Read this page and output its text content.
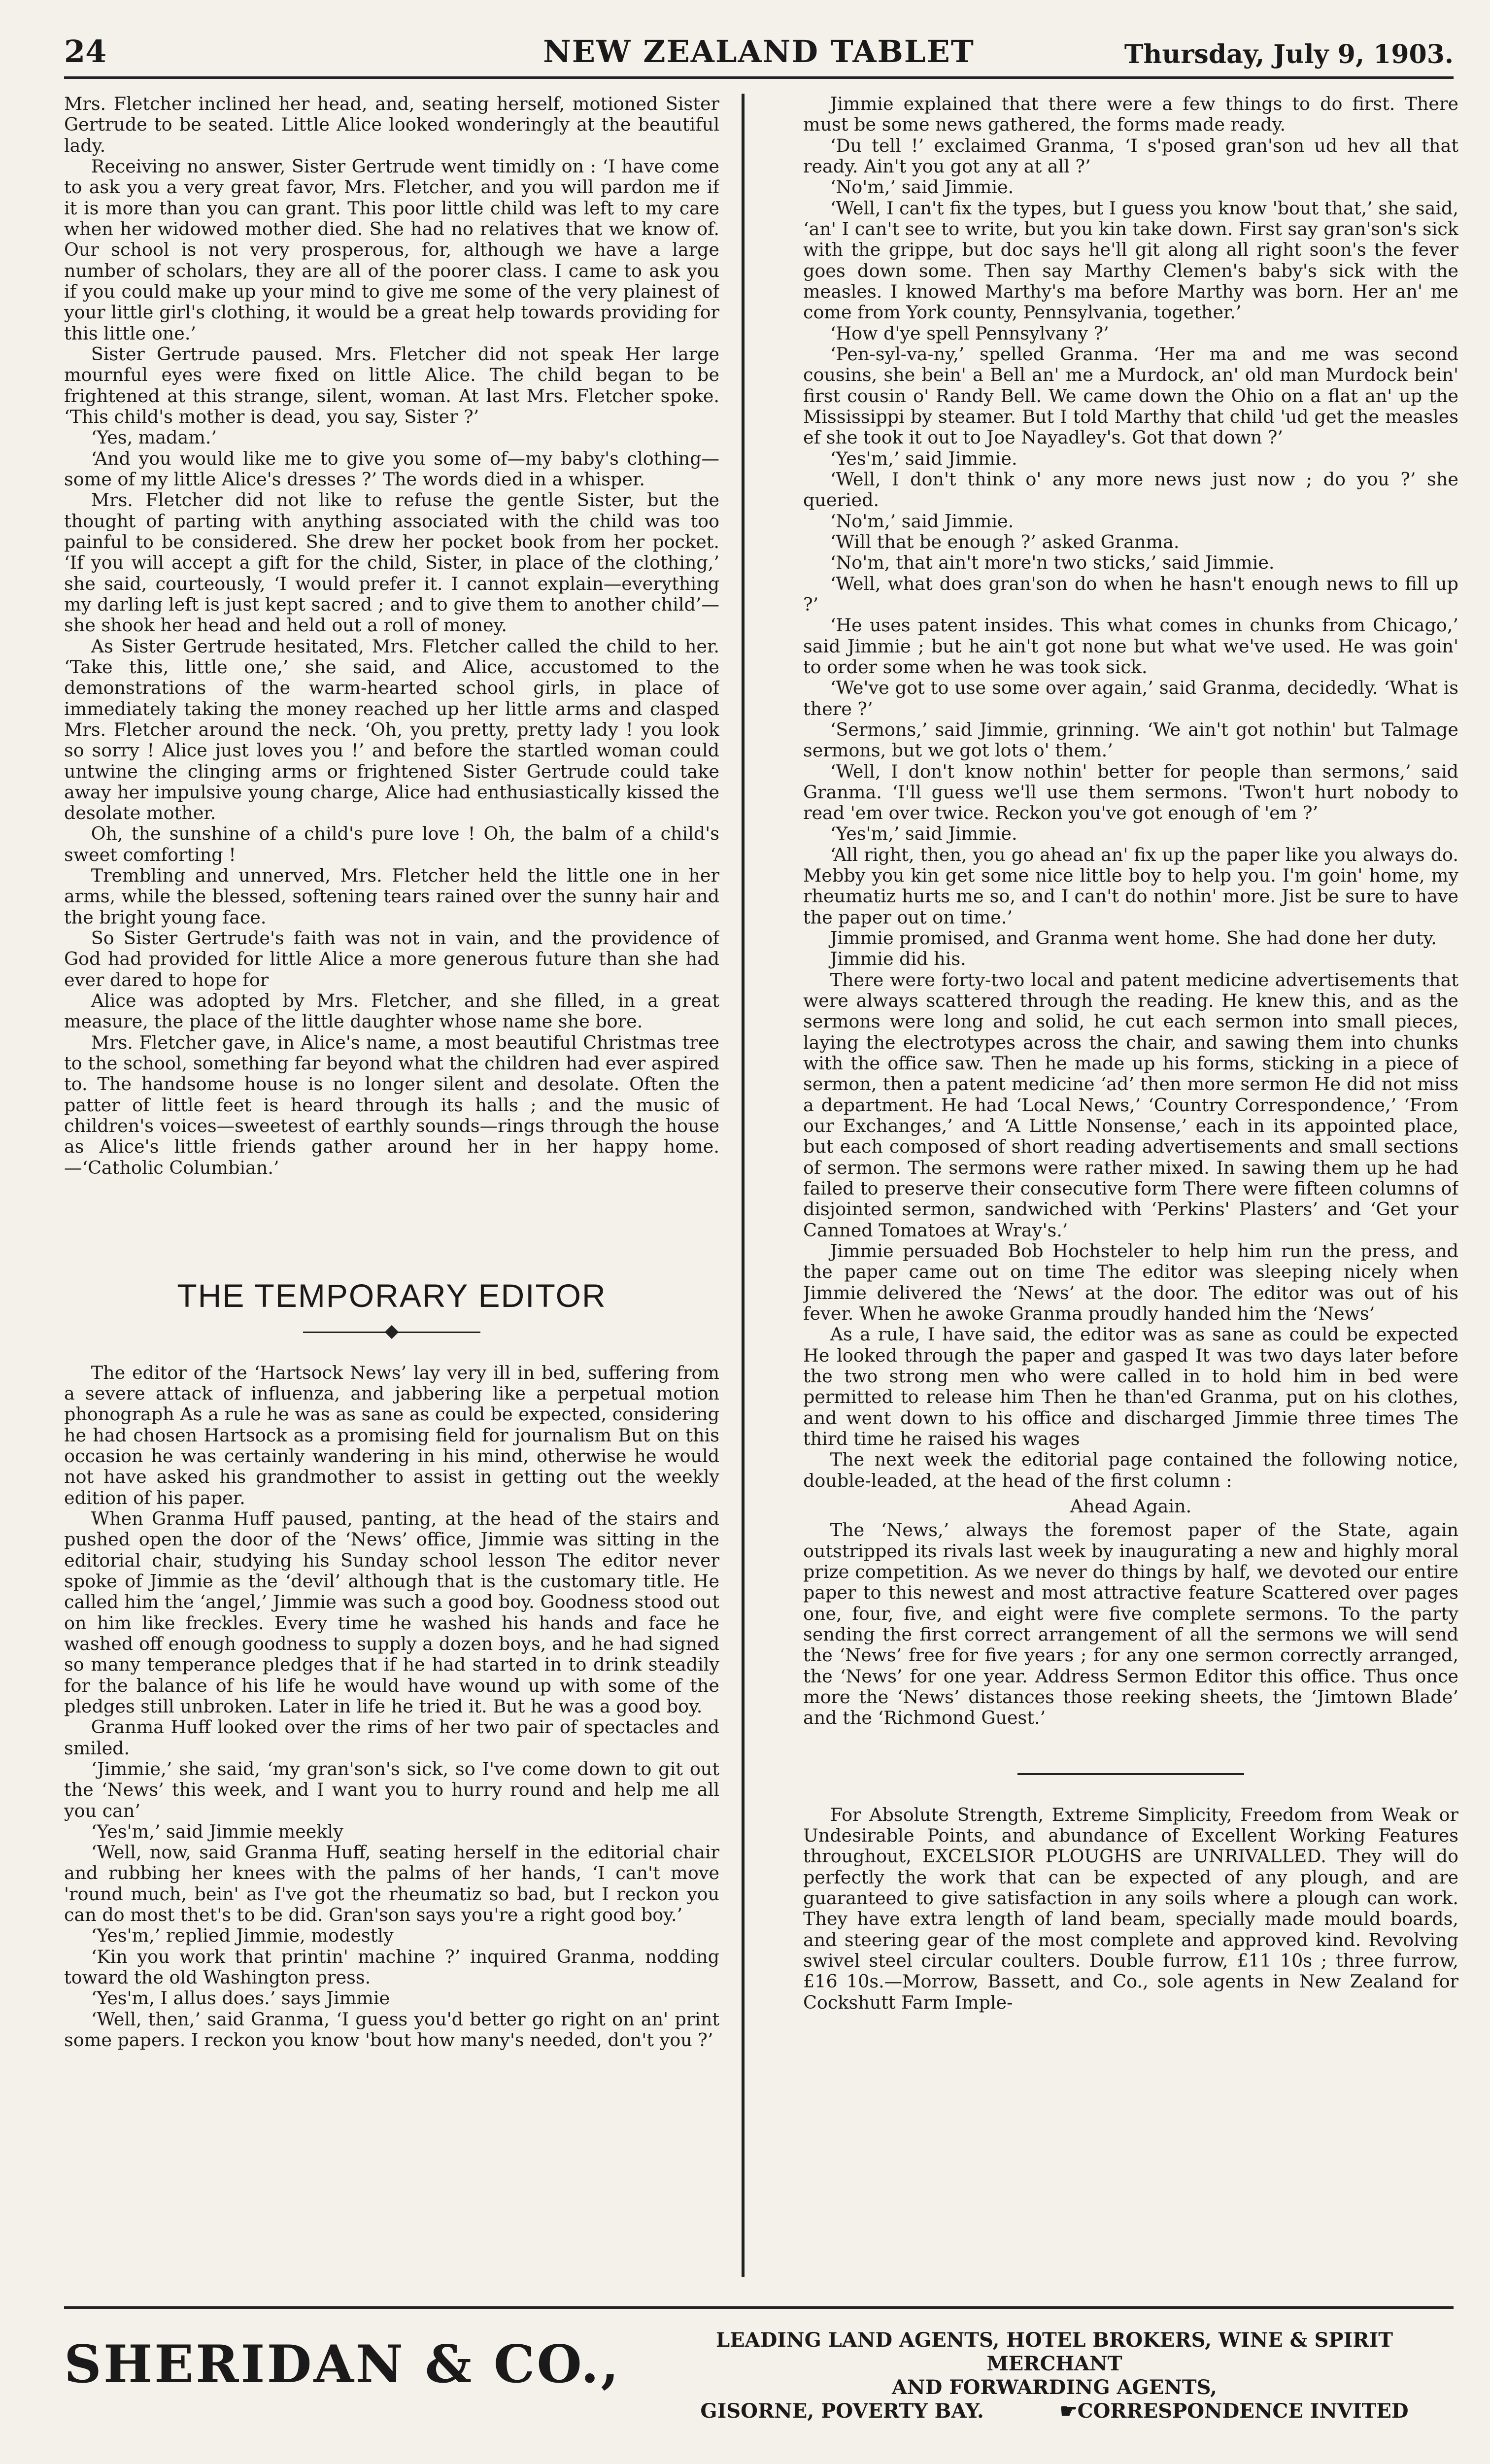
24	NEW ZEALAND TABLET	Thursday, July 9, 1903.

Mrs. Fletcher inclined her head, and, seating herself, motioned Sister Gertrude to be seated. Little Alice looked wonderingly at the beautiful lady.

Receiving no answer, Sister Gertrude went timidly on : ‘I have come to ask you a very great favor, Mrs. Fletcher, and you will pardon me if it is more than you can grant. This poor little child was left to my care when her widowed mother died. She had no relatives that we know of. Our school is not very prosperous, for, although we have a large number of scholars, they are all of the poorer class. I came to ask you if you could make up your mind to give me some of the very plainest of your little girl's clothing, it would be a great help towards providing for this little one.’

Sister Gertrude paused. Mrs. Fletcher did not speak Her large mournful eyes were fixed on little Alice. The child began to be frightened at this strange, silent, woman. At last Mrs. Fletcher spoke. ‘This child's mother is dead, you say, Sister ?’

‘Yes, madam.’

‘And you would like me to give you some of—my baby's clothing—some of my little Alice's dresses ?’ The words died in a whisper.

Mrs. Fletcher did not like to refuse the gentle Sister, but the thought of parting with anything associated with the child was too painful to be considered. She drew her pocket book from her pocket. ‘If you will accept a gift for the child, Sister, in place of the clothing,’ she said, courteously, ‘I would prefer it. I cannot explain—everything my darling left is just kept sacred ; and to give them to another child’—she shook her head and held out a roll of money.

As Sister Gertrude hesitated, Mrs. Fletcher called the child to her. ‘Take this, little one,’ she said, and Alice, accustomed to the demonstrations of the warm-hearted school girls, in place of immediately taking the money reached up her little arms and clasped Mrs. Fletcher around the neck. ‘Oh, you pretty, pretty lady ! you look so sorry ! Alice just loves you !’ and before the startled woman could untwine the clinging arms or frightened Sister Gertrude could take away her impulsive young charge, Alice had enthusiastically kissed the desolate mother.

Oh, the sunshine of a child's pure love ! Oh, the balm of a child's sweet comforting !

Trembling and unnerved, Mrs. Fletcher held the little one in her arms, while the blessed, softening tears rained over the sunny hair and the bright young face.

So Sister Gertrude's faith was not in vain, and the providence of God had provided for little Alice a more generous future than she had ever dared to hope for

Alice was adopted by Mrs. Fletcher, and she filled, in a great measure, the place of the little daughter whose name she bore.

Mrs. Fletcher gave, in Alice's name, a most beautiful Christmas tree to the school, something far beyond what the children had ever aspired to. The handsome house is no longer silent and desolate. Often the patter of little feet is heard through its halls ; and the music of children's voices—sweetest of earthly sounds—rings through the house as Alice's little friends gather around her in her happy home.—‘Catholic Columbian.’

THE TEMPORARY EDITOR

The editor of the ‘Hartsock News’ lay very ill in bed, suffering from a severe attack of influenza, and jabbering like a perpetual motion phonograph As a rule he was as sane as could be expected, considering he had chosen Hartsock as a promising field for journalism But on this occasion he was certainly wandering in his mind, otherwise he would not have asked his grandmother to assist in getting out the weekly edition of his paper.

When Granma Huff paused, panting, at the head of the stairs and pushed open the door of the ‘News’ office, Jimmie was sitting in the editorial chair, studying his Sunday school lesson The editor never spoke of Jimmie as the ‘devil’ although that is the customary title. He called him the ‘angel,’ Jimmie was such a good boy. Goodness stood out on him like freckles. Every time he washed his hands and face he washed off enough goodness to supply a dozen boys, and he had signed so many temperance pledges that if he had started in to drink steadily for the balance of his life he would have wound up with some of the pledges still unbroken. Later in life he tried it. But he was a good boy.

Granma Huff looked over the rims of her two pair of spectacles and smiled.

‘Jimmie,’ she said, ‘my gran'son's sick, so I've come down to git out the ‘News’ this week, and I want you to hurry round and help me all you can’

‘Yes'm,’ said Jimmie meekly

‘Well, now, said Granma Huff, seating herself in the editorial chair and rubbing her knees with the palms of her hands, ‘I can't move 'round much, bein' as I've got the rheumatiz so bad, but I reckon you can do most thet's to be did. Gran'son says you're a right good boy.’

‘Yes'm,’ replied Jimmie, modestly

‘Kin you work that printin' machine ?’ inquired Granma, nodding toward the old Washington press.

‘Yes'm, I allus does.’ says Jimmie

‘Well, then,’ said Granma, ‘I guess you'd better go right on an' print some papers. I reckon you know 'bout how many's needed, don't you ?’

Jimmie explained that there were a few things to do first. There must be some news gathered, the forms made ready.

‘Du tell !’ exclaimed Granma, ‘I s'posed gran'son ud hev all that ready. Ain't you got any at all ?’

‘No'm,’ said Jimmie.

‘Well, I can't fix the types, but I guess you know 'bout that,’ she said, ‘an' I can't see to write, but you kin take down. First say gran'son's sick with the grippe, but doc says he'll git along all right soon's the fever goes down some. Then say Marthy Clemen's baby's sick with the measles. I knowed Marthy's ma before Marthy was born. Her an' me come from York county, Pennsylvania, together.’

‘How d'ye spell Pennsylvany ?’

‘Pen-syl-va-ny,’ spelled Granma. ‘Her ma and me was second cousins, she bein' a Bell an' me a Murdock, an' old man Murdock bein' first cousin o' Randy Bell. We came down the Ohio on a flat an' up the Mississippi by steamer. But I told Marthy that child 'ud get the measles ef she took it out to Joe Nayadley's. Got that down ?’

‘Yes'm,’ said Jimmie.

‘Well, I don't think o' any more news just now ; do you ?’ she queried.

‘No'm,’ said Jimmie.

‘Will that be enough ?’ asked Granma.

‘No'm, that ain't more'n two sticks,’ said Jimmie.

‘Well, what does gran'son do when he hasn't enough news to fill up ?’

‘He uses patent insides. This what comes in chunks from Chicago,’ said Jimmie ; but he ain't got none but what we've used. He was goin' to order some when he was took sick.

‘We've got to use some over again,’ said Granma, decidedly. ‘What is there ?’

‘Sermons,’ said Jimmie, grinning. ‘We ain't got nothin' but Talmage sermons, but we got lots o' them.’

‘Well, I don't know nothin' better for people than sermons,’ said Granma. ‘I'll guess we'll use them sermons. 'Twon't hurt nobody to read 'em over twice. Reckon you've got enough of 'em ?’

‘Yes'm,’ said Jimmie.

‘All right, then, you go ahead an' fix up the paper like you always do. Mebby you kin get some nice little boy to help you. I'm goin' home, my rheumatiz hurts me so, and I can't do nothin' more. Jist be sure to have the paper out on time.’

Jimmie promised, and Granma went home. She had done her duty.

Jimmie did his.

There were forty-two local and patent medicine advertisements that were always scattered through the reading. He knew this, and as the sermons were long and solid, he cut each sermon into small pieces, laying the electrotypes across the chair, and sawing them into chunks with the office saw. Then he made up his forms, sticking in a piece of sermon, then a patent medicine ‘ad’ then more sermon He did not miss a department. He had ‘Local News,’ ‘Country Correspondence,’ ‘From our Exchanges,’ and ‘A Little Nonsense,’ each in its appointed place, but each composed of short reading advertisements and small sections of sermon. The sermons were rather mixed. In sawing them up he had failed to preserve their consecutive form There were fifteen columns of disjointed sermon, sandwiched with ‘Perkins' Plasters’ and ‘Get your Canned Tomatoes at Wray's.’

Jimmie persuaded Bob Hochsteler to help him run the press, and the paper came out on time The editor was sleeping nicely when Jimmie delivered the ‘News’ at the door. The editor was out of his fever. When he awoke Granma proudly handed him the ‘News’

As a rule, I have said, the editor was as sane as could be expected He looked through the paper and gasped It was two days later before the two strong men who were called in to hold him in bed were permitted to release him Then he than'ed Granma, put on his clothes, and went down to his office and discharged Jimmie three times The third time he raised his wages

The next week the editorial page contained the following notice, double-leaded, at the head of the first column :

Ahead Again.

The ‘News,’ always the foremost paper of the State, again outstripped its rivals last week by inaugurating a new and highly moral prize competition. As we never do things by half, we devoted our entire paper to this newest and most attractive feature Scattered over pages one, four, five, and eight were five complete sermons. To the party sending the first correct arrangement of all the sermons we will send the ‘News’ free for five years ; for any one sermon correctly arranged, the ‘News’ for one year. Address Sermon Editor this office. Thus once more the ‘News’ distances those reeking sheets, the ‘Jimtown Blade’ and the ‘Richmond Guest.’

For Absolute Strength, Extreme Simplicity, Freedom from Weak or Undesirable Points, and abundance of Excellent Working Features throughout, EXCELSIOR PLOUGHS are UNRIVALLED. They will do perfectly the work that can be expected of any plough, and are guaranteed to give satisfaction in any soils where a plough can work. They have extra length of land beam, specially made mould boards, and steering gear of the most complete and approved kind. Revolving swivel steel circular coulters. Double furrow, £11 10s ; three furrow, £16 10s.—Morrow, Bassett, and Co., sole agents in New Zealand for Cockshutt Farm Imple-

SHERIDAN & CO.,	LEADING LAND AGENTS, HOTEL BROKERS, WINE & SPIRIT MERCHANT
AND FORWARDING AGENTS,
GISORNE, POVERTY BAY.	☛CORRESPONDENCE INVITED
